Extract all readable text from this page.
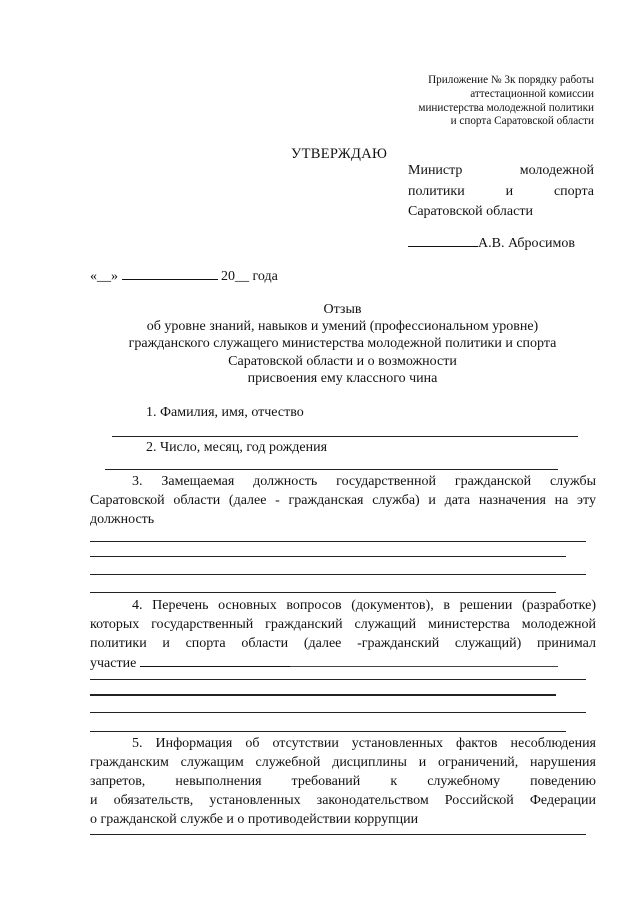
Приложение № 3к порядку работы
аттестационной комиссии
министерства молодежной политики
и спорта Саратовской области
УТВЕРЖДАЮ
Министр молодежной
политики и спорта
Саратовской области
А.В. Абросимов
«__»	20__ года
Отзыв
об уровне знаний, навыков и умений (профессиональном уровне)
гражданского служащего министерства молодежной политики и спорта
Саратовской области и о возможности
присвоения ему классного чина
1. Фамилия, имя, отчество
2. Число, месяц, год рождения
3. Замещаемая должность государственной гражданской службы
Саратовской области (далее - гражданская служба) и дата назначения на эту
должность
4. Перечень основных вопросов (документов), в решении (разработке)
которых государственный гражданский служащий министерства молодежной
политики и спорта области (далее -гражданский служащий) принимал
участие
5. Информация об отсутствии установленных фактов несоблюдения
гражданским служащим служебной дисциплины и ограничений, нарушения
запретов, невыполнения требований к служебному поведению
и обязательств, установленных законодательством Российской Федерации
о гражданской службе и о противодействии коррупции
